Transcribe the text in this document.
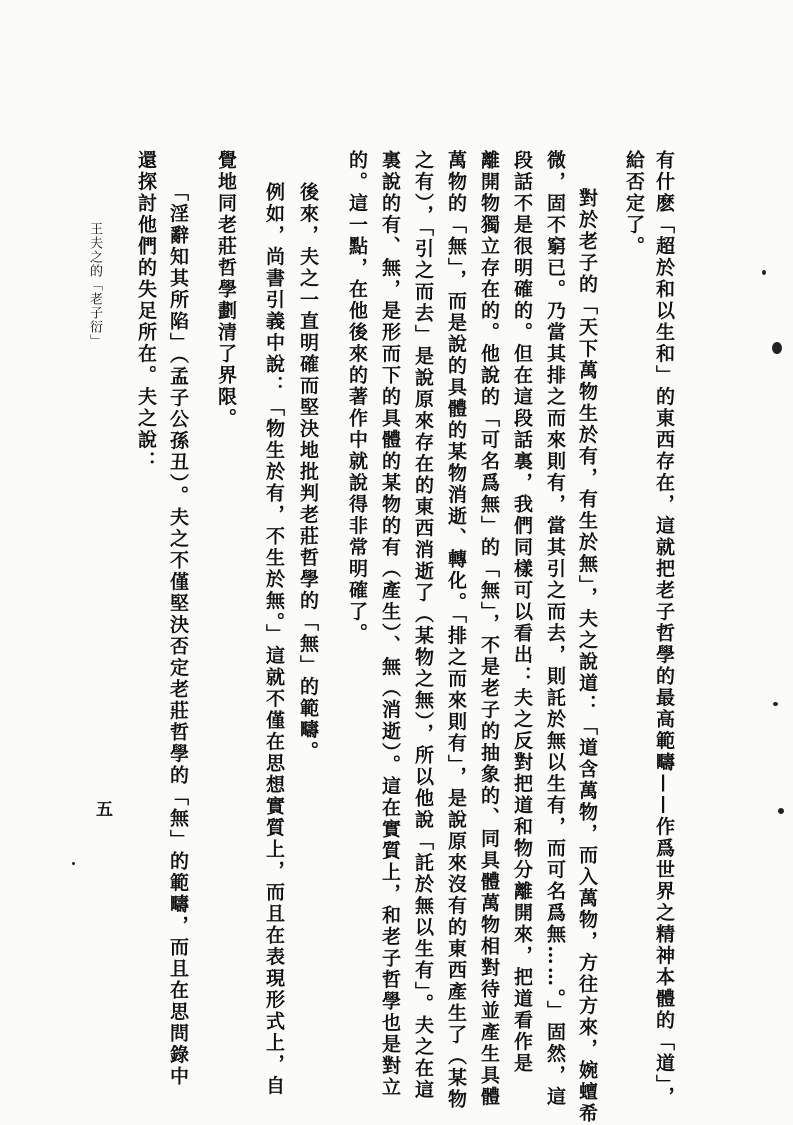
有什麽「超於和以生和」的東西存在，這就把老子哲學的最高範疇——作爲世界之精神本體的「道」，
給否定了。
對於老子的「天下萬物生於有，有生於無」，夫之說道：「道含萬物，而入萬物，方往方來，婉蟺希
微，固不窮已。乃當其排之而來則有，當其引之而去，則託於無以生有，而可名爲無……。」固然，這
段話不是很明確的。但在這段話裏，我們同樣可以看出：夫之反對把道和物分離開來，把道看作是
離開物獨立存在的。他說的「可名爲無」的「無」，不是老子的抽象的、同具體萬物相對待並產生具體
萬物的「無」，而是說的具體的某物消逝、轉化。「排之而來則有」，是說原來沒有的東西產生了（某物
之有），「引之而去」是說原來存在的東西消逝了（某物之無），所以他說「託於無以生有」。夫之在這
裏說的有、無，是形而下的具體的某物的有（產生）、無（消逝）。這在實質上，和老子哲學也是對立
的。這一點，在他後來的著作中就說得非常明確了。
後來，夫之一直明確而堅決地批判老莊哲學的「無」的範疇。
例如，尚書引義中說：「物生於有，不生於無。」這就不僅在思想實質上，而且在表現形式上，自
覺地同老莊哲學劃清了界限。
「淫辭知其所陷」（孟子公孫丑）。夫之不僅堅決否定老莊哲學的「無」的範疇，而且在思問錄中
還探討他們的失足所在。夫之說：
王夫之的「老子衍」
五
